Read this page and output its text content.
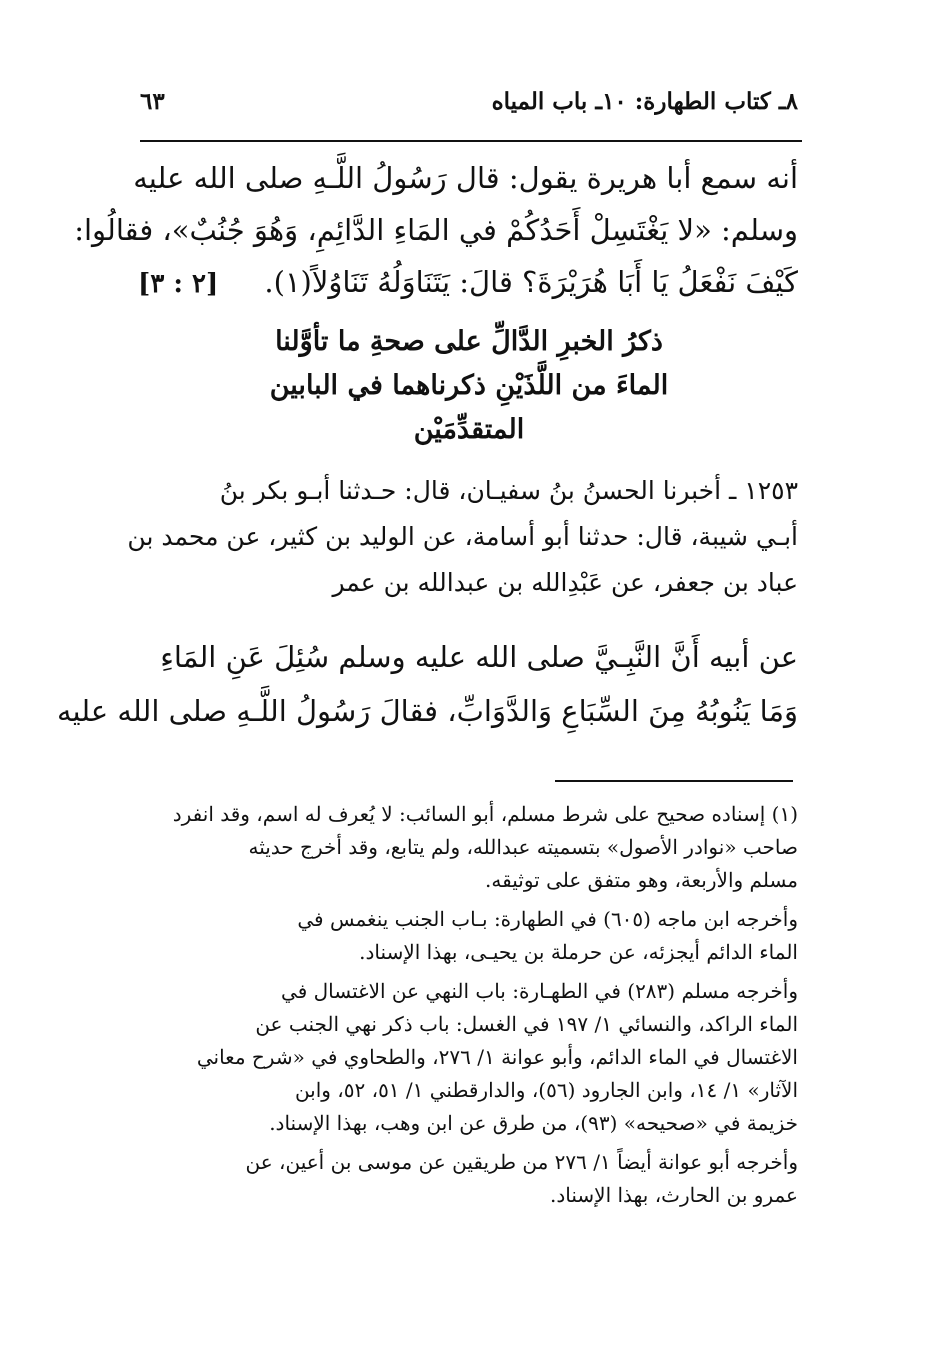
٨ـ كتاب الطهارة: ١٠ـ باب المياه
٦٣
أنه سمع أبا هريرة يقول: قال رَسُولُ اللَّـهِ صلى الله عليه
وسلم: «لا يَغْتَسِلْ أَحَدُكُمْ في المَاءِ الدَّائِمِ، وَهُوَ جُنُبٌ»، فقالُوا:
كَيْفَ نَفْعَلُ يَا أَبَا هُرَيْرَةَ؟ قالَ: يَتَنَاوَلُهُ تَنَاوُلاً(١).
[٢ : ٣]
ذكرُ الخبرِ الدَّالِّ على صحةِ ما تأوَّلنا
الماءَ من اللَّذَيْنِ ذكرناهما في البابين
المتقدِّمَيْن
١٢٥٣ ـ أخبرنا الحسنُ بنُ سفيـان، قال: حـدثنا أبـو بكر بنُ
أبـي شيبة، قال: حدثنا أبو أسامة، عن الوليد بن كثير، عن محمد بن
عباد بن جعفر، عن عَبْدِالله بن عبدالله بن عمر
عن أبيه أَنَّ النَّبِـيَّ صلى الله عليه وسلم سُئِلَ عَنِ المَاءِ
وَمَا يَنُوبُهُ مِنَ السِّبَاعِ وَالدَّوَابِّ، فقالَ رَسُولُ اللَّـهِ صلى الله عليه
(١) إسناده صحيح على شرط مسلم، أبو السائب: لا يُعرف له اسم، وقد انفرد
صاحب «نوادر الأصول» بتسميته عبدالله، ولم يتابع، وقد أخرج حديثه
مسلم والأربعة، وهو متفق على توثيقه.
وأخرجه ابن ماجه (٦٠٥) في الطهارة: بـاب الجنب ينغمس في
الماء الدائم أيجزئه، عن حرملة بن يحيـى، بهذا الإسناد.
وأخرجه مسلم (٢٨٣) في الطهـارة: باب النهي عن الاغتسال في
الماء الراكد، والنسائي ١/ ١٩٧ في الغسل: باب ذكر نهي الجنب عن
الاغتسال في الماء الدائم، وأبو عوانة ١/ ٢٧٦، والطحاوي في «شرح معاني
الآثار» ١/ ١٤، وابن الجارود (٥٦)، والدارقطني ١/ ٥١، ٥٢، وابن
خزيمة في «صحيحه» (٩٣)، من طرق عن ابن وهب، بهذا الإسناد.
وأخرجه أبو عوانة أيضاً ١/ ٢٧٦ من طريقين عن موسى بن أعين، عن
عمرو بن الحارث، بهذا الإسناد.
